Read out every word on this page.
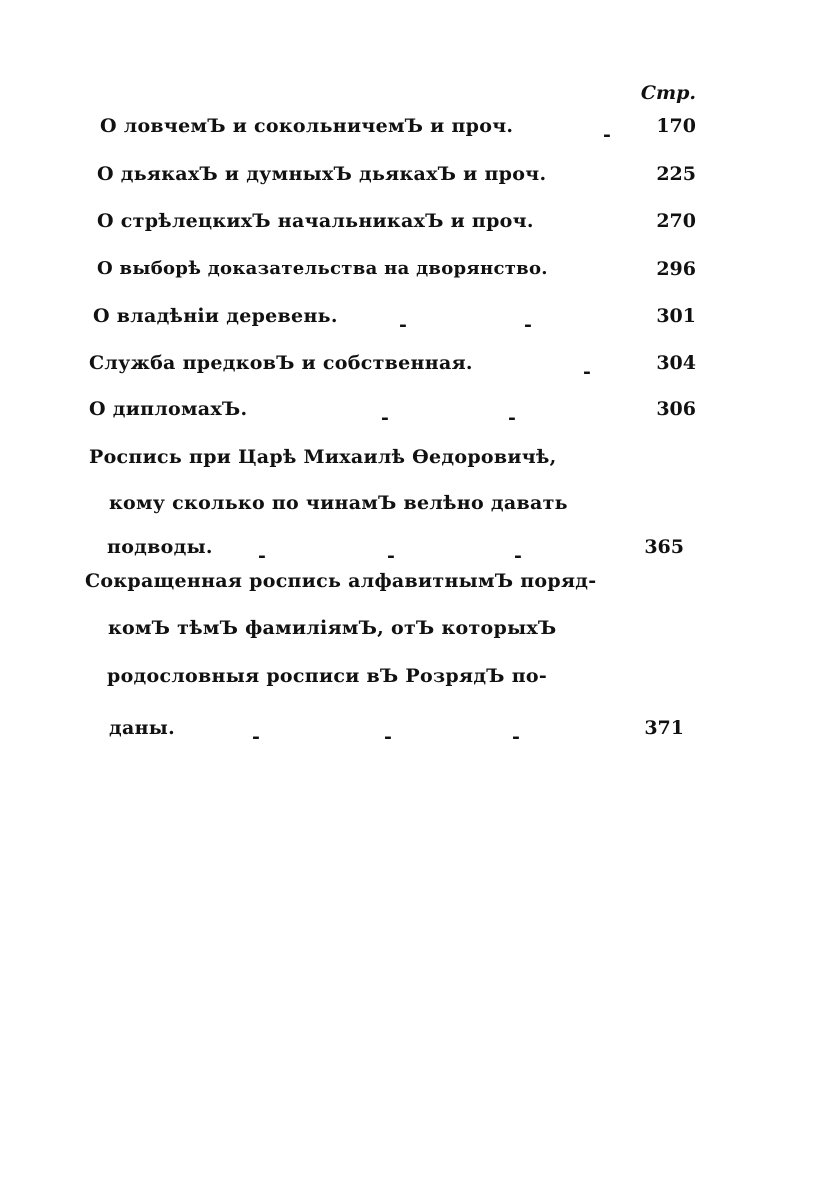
Стр.
О ловчемЪ и сокольничемЪ и проч.	-	170
О дьякахЪ и думныхЪ дьякахЪ и проч.	225
О стрѣлецкихЪ начальникахЪ и проч.	270
О выборѣ доказательства на дворянство.	296
О владѣніи деревень.	-	-	301
Служба предковЪ и собственная.	-	304
О дипломахЪ.	-	-	306
Роспись при Царѣ Михаилѣ Өедоровичѣ,
кому сколько по чинамЪ велѣно давать
подводы. -	-	-	365
Сокращенная роспись алфавитнымЪ поряд-
комЪ тѣмЪ фамиліямЪ, отЪ которыхЪ
родословныя росписи вЪ РозрядЪ по-
даны.	-	-	-	371
